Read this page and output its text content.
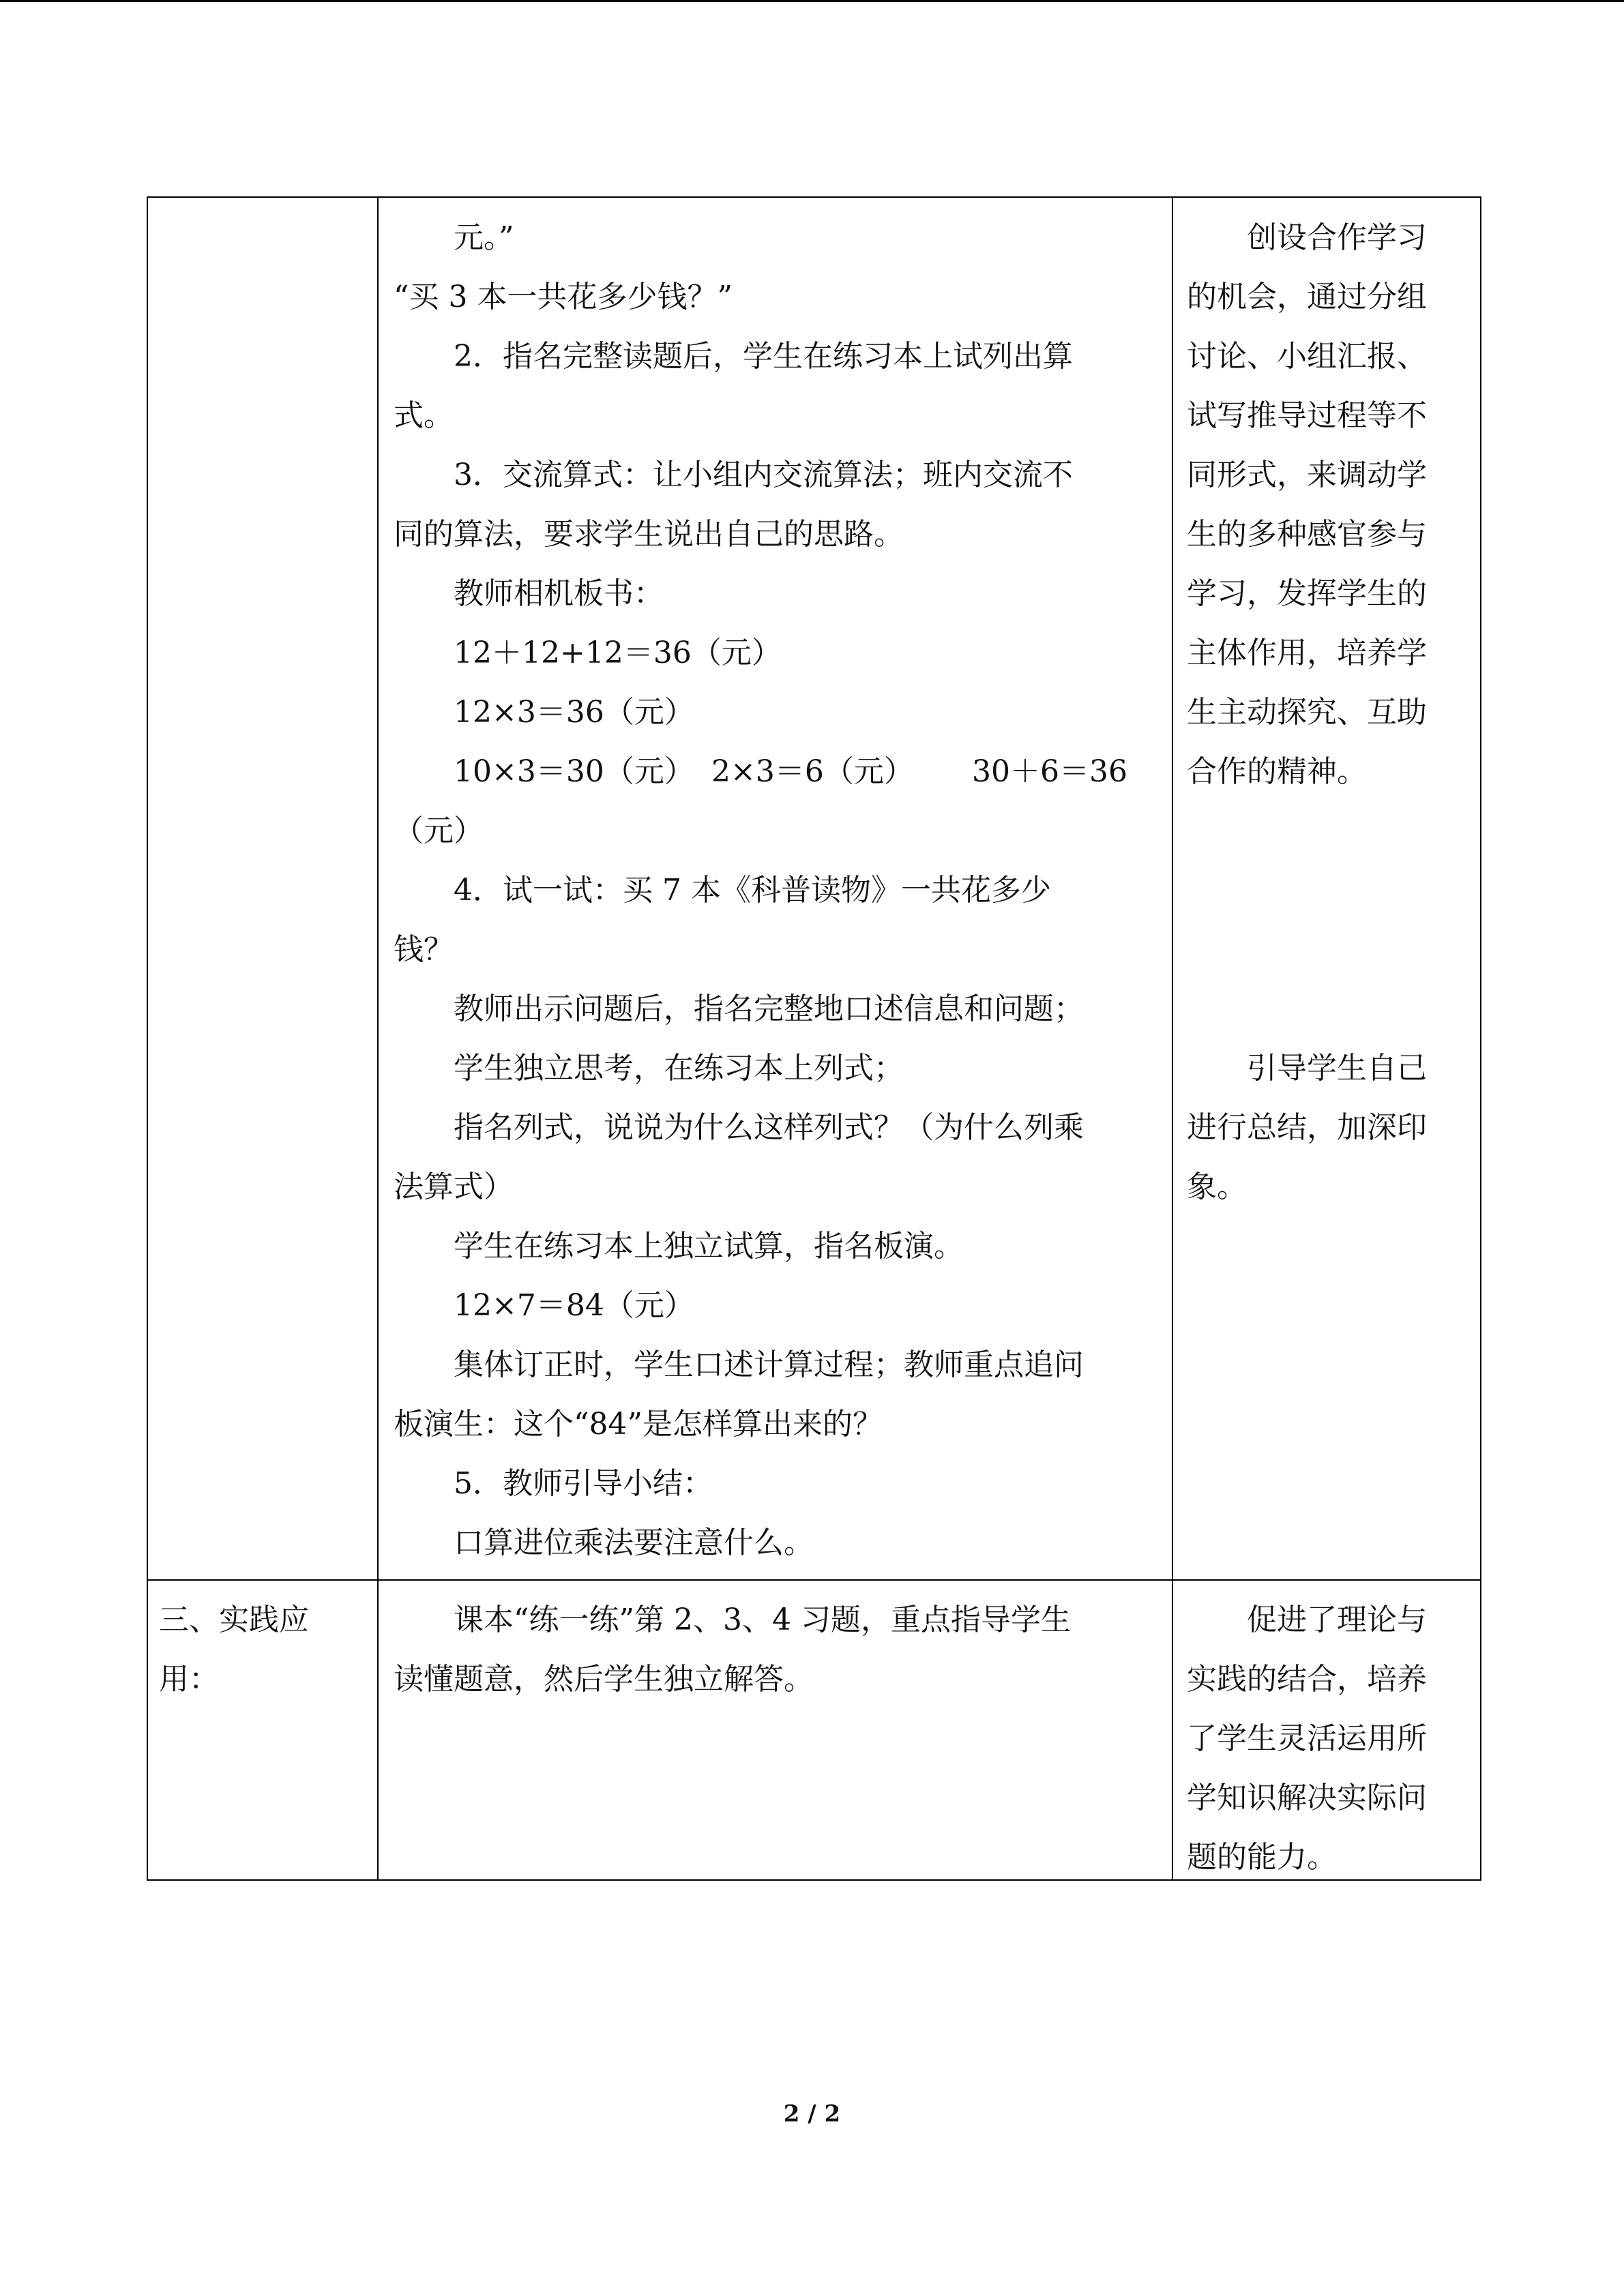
元。”
“买 3 本一共花多少钱？”
2．指名完整读题后，学生在练习本上试列出算
式。
3．交流算式：让小组内交流算法；班内交流不
同的算法，要求学生说出自己的思路。
教师相机板书：
12＋12+12＝36（元）
12×3＝36（元）
10×3＝30（元） 2×3＝6（元）	30＋6＝36
（元）
4．试一试：买 7 本《科普读物》一共花多少
钱？
教师出示问题后，指名完整地口述信息和问题；
学生独立思考，在练习本上列式；
指名列式，说说为什么这样列式？（为什么列乘
法算式）
学生在练习本上独立试算，指名板演。
12×7＝84（元）
集体订正时，学生口述计算过程；教师重点追问
板演生：这个“84”是怎样算出来的？
5．教师引导小结：
口算进位乘法要注意什么。
创设合作学习
的机会，通过分组
讨论、小组汇报、
试写推导过程等不
同形式，来调动学
生的多种感官参与
学习，发挥学生的
主体作用，培养学
生主动探究、互助
合作的精神。
引导学生自己
进行总结，加深印
象。
三、实践应
用：
课本“练一练”第 2、3、4 习题，重点指导学生
读懂题意，然后学生独立解答。
促进了理论与
实践的结合，培养
了学生灵活运用所
学知识解决实际问
题的能力。
2 / 2
